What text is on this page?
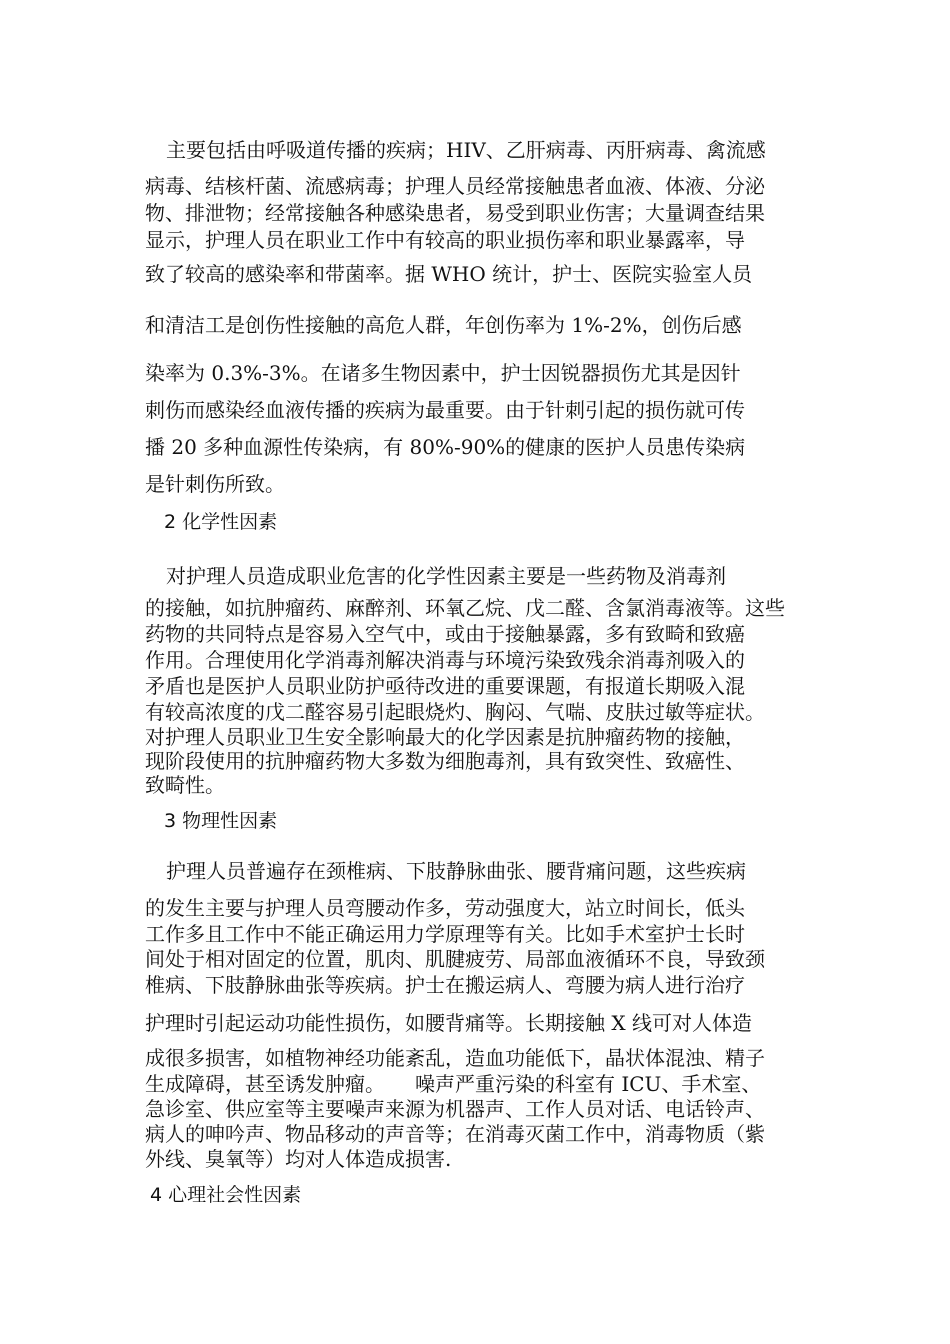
主要包括由呼吸道传播的疾病；HIV、乙肝病毒、丙肝病毒、禽流感
病毒、结核杆菌、流感病毒；护理人员经常接触患者血液、体液、分泌
物、排泄物；经常接触各种感染患者，易受到职业伤害；大量调查结果
显示，护理人员在职业工作中有较高的职业损伤率和职业暴露率，导
致了较高的感染率和带菌率。据 WHO 统计，护士、医院实验室人员
和清洁工是创伤性接触的高危人群，年创伤率为 1%-2%，创伤后感
染率为 0.3%-3%。在诸多生物因素中，护士因锐器损伤尤其是因针
刺伤而感染经血液传播的疾病为最重要。由于针刺引起的损伤就可传
播 20 多种血源性传染病，有 80%-90%的健康的医护人员患传染病
是针刺伤所致。
2 化学性因素
对护理人员造成职业危害的化学性因素主要是一些药物及消毒剂
的接触，如抗肿瘤药、麻醉剂、环氧乙烷、戊二醛、含氯消毒液等。这些
药物的共同特点是容易入空气中，或由于接触暴露，多有致畸和致癌
作用。合理使用化学消毒剂解决消毒与环境污染致残余消毒剂吸入的
矛盾也是医护人员职业防护亟待改进的重要课题，有报道长期吸入混
有较高浓度的戊二醛容易引起眼烧灼、胸闷、气喘、皮肤过敏等症状。
对护理人员职业卫生安全影响最大的化学因素是抗肿瘤药物的接触，
现阶段使用的抗肿瘤药物大多数为细胞毒剂，具有致突性、致癌性、
致畸性。
3 物理性因素
护理人员普遍存在颈椎病、下肢静脉曲张、腰背痛问题，这些疾病
的发生主要与护理人员弯腰动作多，劳动强度大，站立时间长，低头
工作多且工作中不能正确运用力学原理等有关。比如手术室护士长时
间处于相对固定的位置，肌肉、肌腱疲劳、局部血液循环不良，导致颈
椎病、下肢静脉曲张等疾病。护士在搬运病人、弯腰为病人进行治疗
护理时引起运动功能性损伤，如腰背痛等。长期接触 X 线可对人体造
成很多损害，如植物神经功能紊乱，造血功能低下，晶状体混浊、精子
生成障碍，甚至诱发肿瘤。　　噪声严重污染的科室有 ICU、手术室、
急诊室、供应室等主要噪声来源为机器声、工作人员对话、电话铃声、
病人的呻吟声、物品移动的声音等；在消毒灭菌工作中，消毒物质（紫
外线、臭氧等）均对人体造成损害.
4 心理社会性因素
